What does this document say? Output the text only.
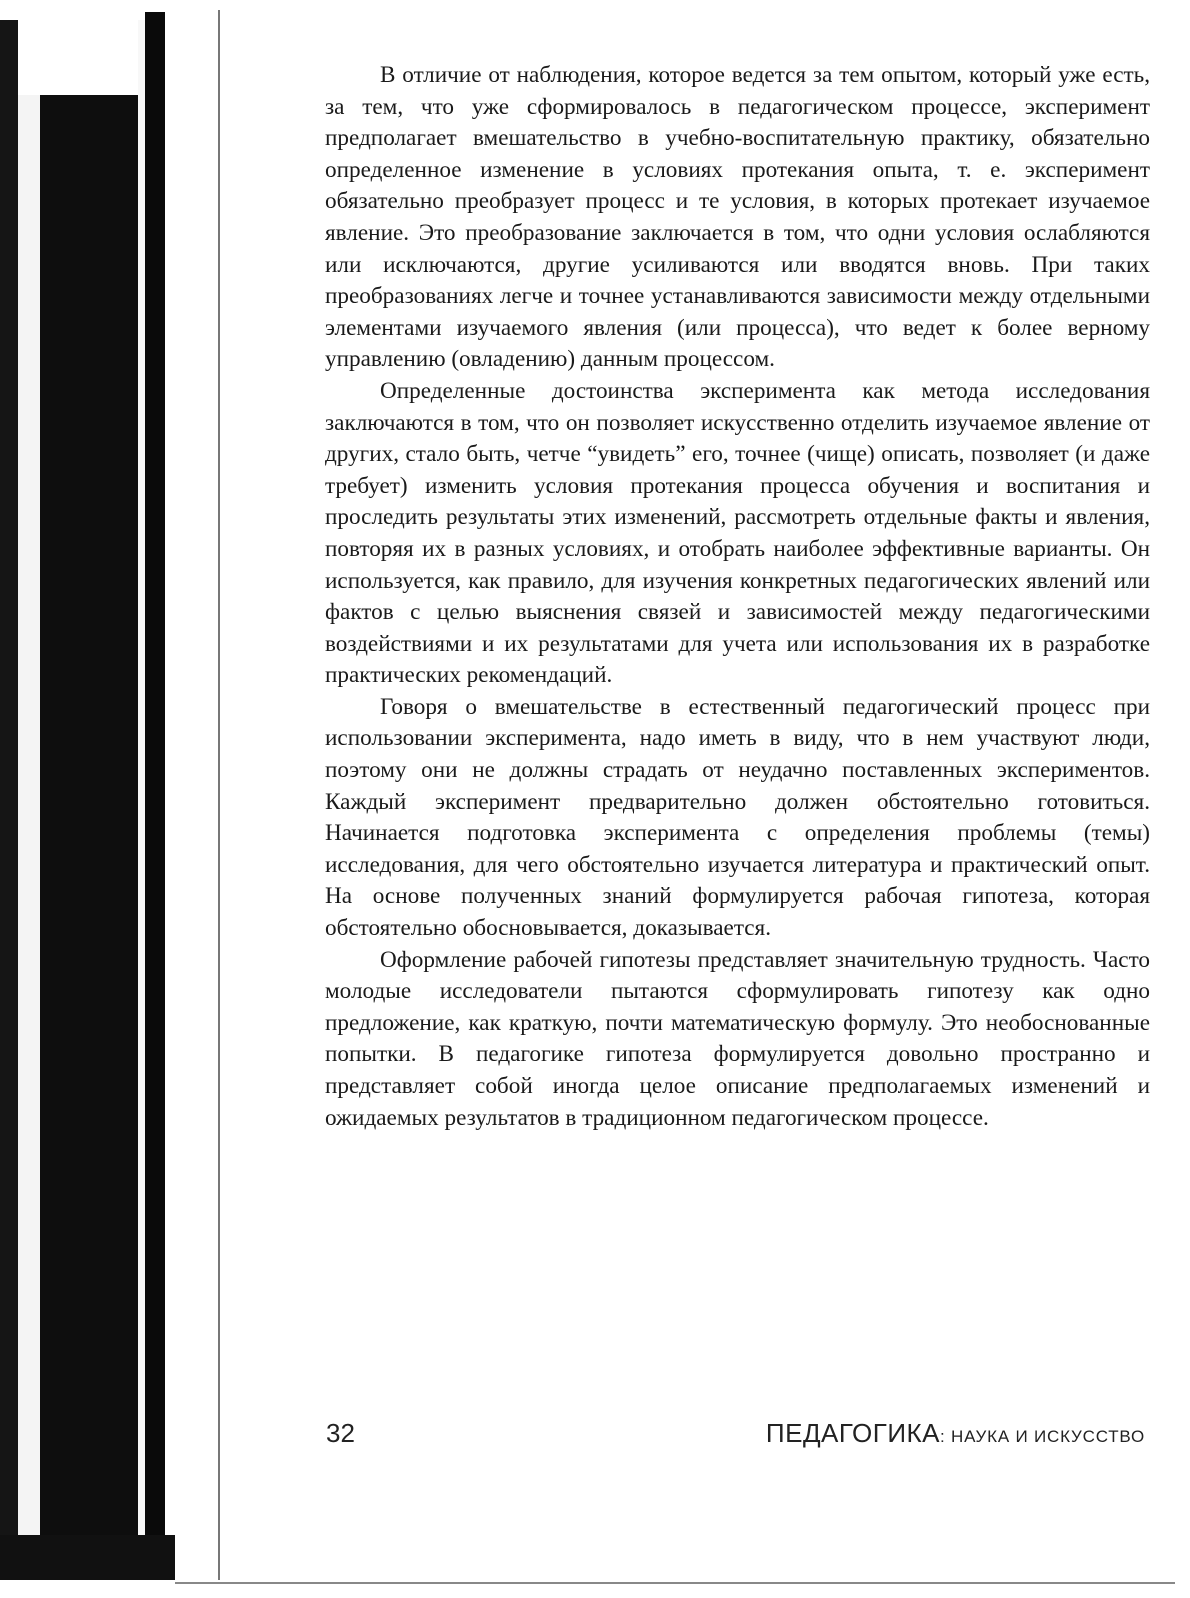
В отличие от наблюдения, которое ведется за тем опытом, который уже есть, за тем, что уже сформировалось в педагогическом процессе, эксперимент предполагает вмешательство в учебно-воспитательную практику, обязательно определенное изменение в условиях протекания опыта, т. е. эксперимент обязательно преобразует процесс и те условия, в которых протекает изучаемое явление. Это преобразование заключается в том, что одни условия ослабляются или исключаются, другие усиливаются или вводятся вновь. При таких преобразованиях легче и точнее устанавливаются зависимости между отдельными элементами изучаемого явления (или процесса), что ведет к более верному управлению (овладению) данным процессом.

Определенные достоинства эксперимента как метода исследования заключаются в том, что он позволяет искусственно отделить изучаемое явление от других, стало быть, четче “увидеть” его, точнее (чище) описать, позволяет (и даже требует) изменить условия протекания процесса обучения и воспитания и проследить результаты этих изменений, рассмотреть отдельные факты и явления, повторяя их в разных условиях, и отобрать наиболее эффективные варианты. Он используется, как правило, для изучения конкретных педагогических явлений или фактов с целью выяснения связей и зависимостей между педагогическими воздействиями и их результатами для учета или использования их в разработке практических рекомендаций.

Говоря о вмешательстве в естественный педагогический процесс при использовании эксперимента, надо иметь в виду, что в нем участвуют люди, поэтому они не должны страдать от неудачно поставленных экспериментов. Каждый эксперимент предварительно должен обстоятельно готовиться. Начинается подготовка эксперимента с определения проблемы (темы) исследования, для чего обстоятельно изучается литература и практический опыт. На основе полученных знаний формулируется рабочая гипотеза, которая обстоятельно обосновывается, доказывается.

Оформление рабочей гипотезы представляет значительную трудность. Часто молодые исследователи пытаются сформулировать гипотезу как одно предложение, как краткую, почти математическую формулу. Это необоснованные попытки. В педагогике гипотеза формулируется довольно пространно и представляет собой иногда целое описание предполагаемых изменений и ожидаемых результатов в традиционном педагогическом процессе.

32	ПЕДАГОГИКА: НАУКА И ИСКУССТВО
